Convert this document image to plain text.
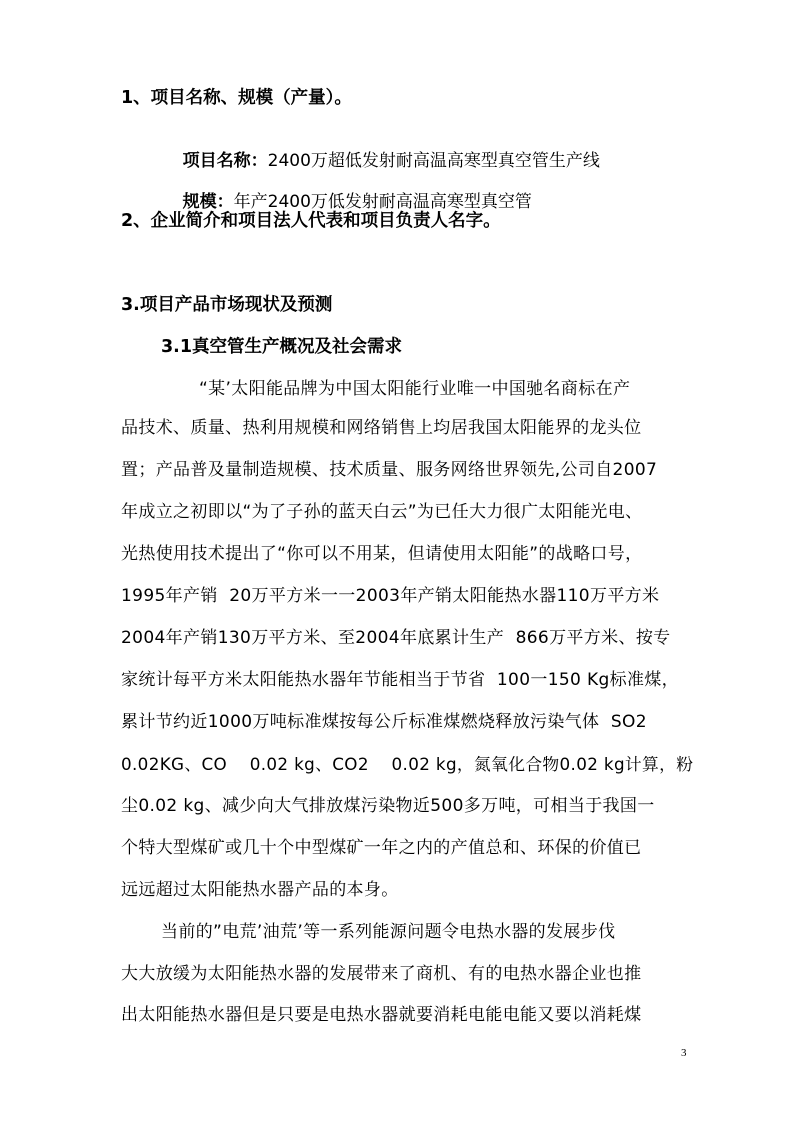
1、项目名称、规模（产量）。

项目名称：2400万超低发射耐高温高寒型真空管生产线

规模：年产2400万低发射耐高温高寒型真空管

2、企业简介和项目法人代表和项目负责人名字。
3.项目产品市场现状及预测
3.1真空管生产概况及社会需求
“某’太阳能品牌为中国太阳能行业唯一中国驰名商标在产
品技术、质量、热利用规模和网络销售上均居我国太阳能界的龙头位
置；产品普及量制造规模、技术质量、服务网络世界领先,公司自2007
年成立之初即以“为了子孙的蓝天白云”为已任大力很广太阳能光电、
光热使用技术提出了“你可以不用某，但请使用太阳能”的战略口号，
1995年产销  20万平方米一一2003年产销太阳能热水器110万平方米
2004年产销130万平方米、至2004年底累计生产  866万平方米、按专
家统计每平方米太阳能热水器年节能相当于节省  100一150 Kg标准煤，
累计节约近1000万吨标准煤按每公斤标准煤燃烧释放污染气体  SO2
0.02KG、CO    0.02 kg、CO2    0.02 kg，氮氧化合物0.02 kg计算，粉
尘0.02 kg、减少向大气排放煤污染物近500多万吨，可相当于我国一
个特大型煤矿或几十个中型煤矿一年之内的产值总和、环保的价值已
远远超过太阳能热水器产品的本身。
当前的”电荒’油荒’等一系列能源问题令电热水器的发展步伐
大大放缓为太阳能热水器的发展带来了商机、有的电热水器企业也推
出太阳能热水器但是只要是电热水器就要消耗电能电能又要以消耗煤
3
